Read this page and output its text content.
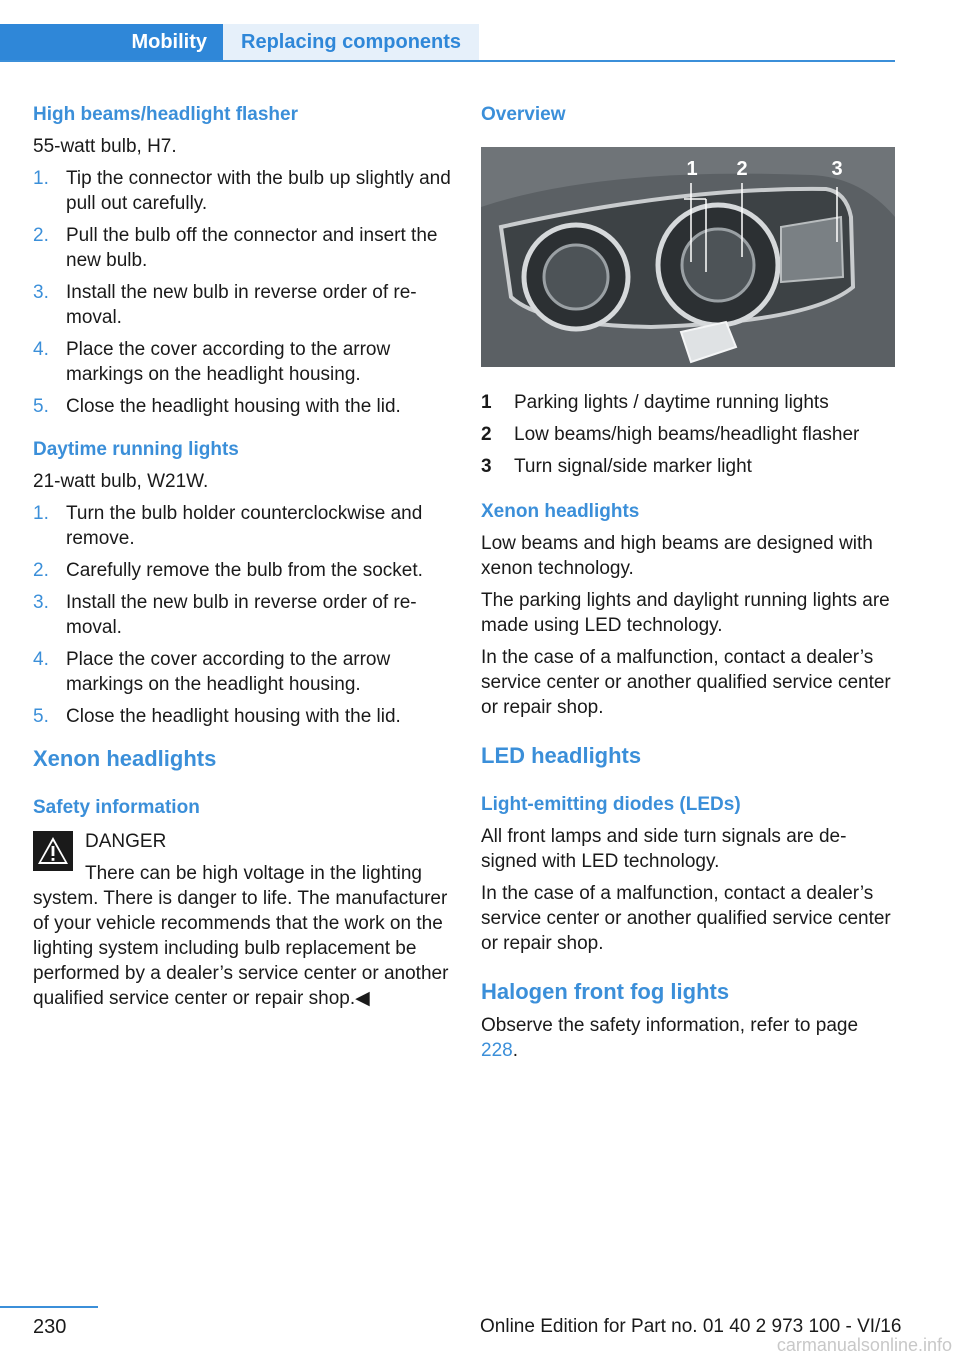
Mobility	Replacing components
High beams/headlight flasher

55-watt bulb, H7.

1. Tip the connector with the bulb up slightly and pull out carefully.
2. Pull the bulb off the connector and insert the new bulb.
3. Install the new bulb in reverse order of removal.
4. Place the cover according to the arrow markings on the headlight housing.
5. Close the headlight housing with the lid.
Daytime running lights

21-watt bulb, W21W.

1. Turn the bulb holder counterclockwise and remove.
2. Carefully remove the bulb from the socket.
3. Install the new bulb in reverse order of removal.
4. Place the cover according to the arrow markings on the headlight housing.
5. Close the headlight housing with the lid.
Xenon headlights
Safety information

DANGER

There can be high voltage in the lighting

system. There is danger to life. The manufacturer of your vehicle recommends that the work on the lighting system including bulb replacement be performed by a dealer’s service center or another qualified service center or repair shop.◀

Overview
1 2	3
1 Parking lights / daytime running lights
2 Low beams/high beams/headlight flasher
3 Turn signal/side marker light
Xenon headlights

Low beams and high beams are designed with xenon technology.

The parking lights and daylight running lights are made using LED technology.

In the case of a malfunction, contact a dealer’s service center or another qualified service center or repair shop.

LED headlights
Light-emitting diodes (LEDs)

All front lamps and side turn signals are designed with LED technology.

In the case of a malfunction, contact a dealer’s service center or another qualified service center or repair shop.

Halogen front fog lights

Observe the safety information, refer to page 228.

230	Online Edition for Part no. 01 40 2 973 100 - VI/16
carmanualsonline.info
